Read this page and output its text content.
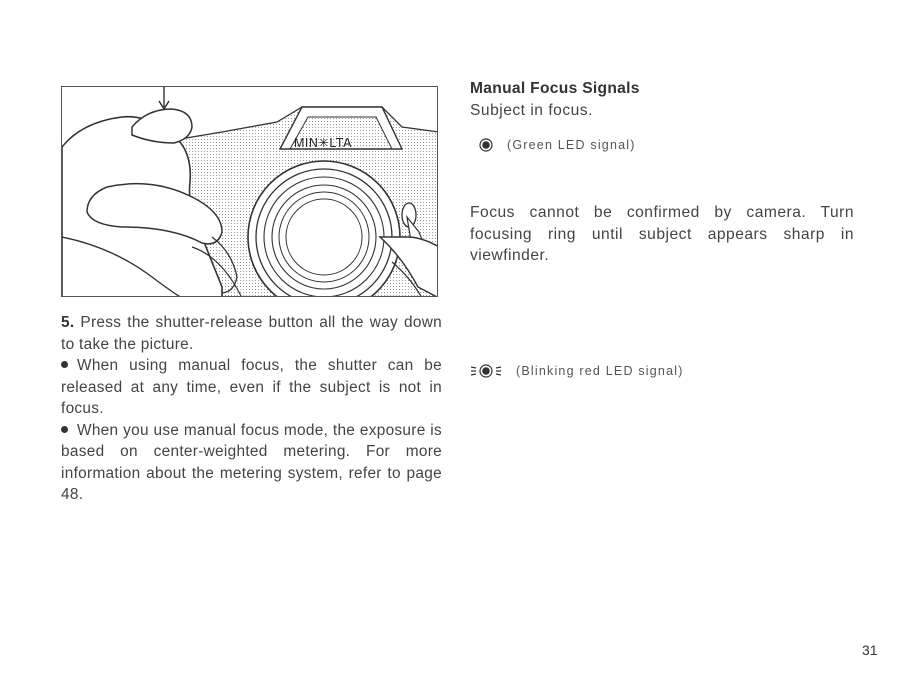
MIN✳LTA

5. Press the shutter-release button all the way down to take the picture.

When using manual focus, the shutter can be released at any time, even if the subject is not in focus.

When you use manual focus mode, the exposure is based on center-weighted metering. For more information about the metering system, refer to page 48.

Manual Focus Signals
Subject in focus.
(Green LED signal)

Focus cannot be confirmed by camera. Turn focusing ring until subject appears sharp in viewfinder.

(Blinking red LED signal)
31
